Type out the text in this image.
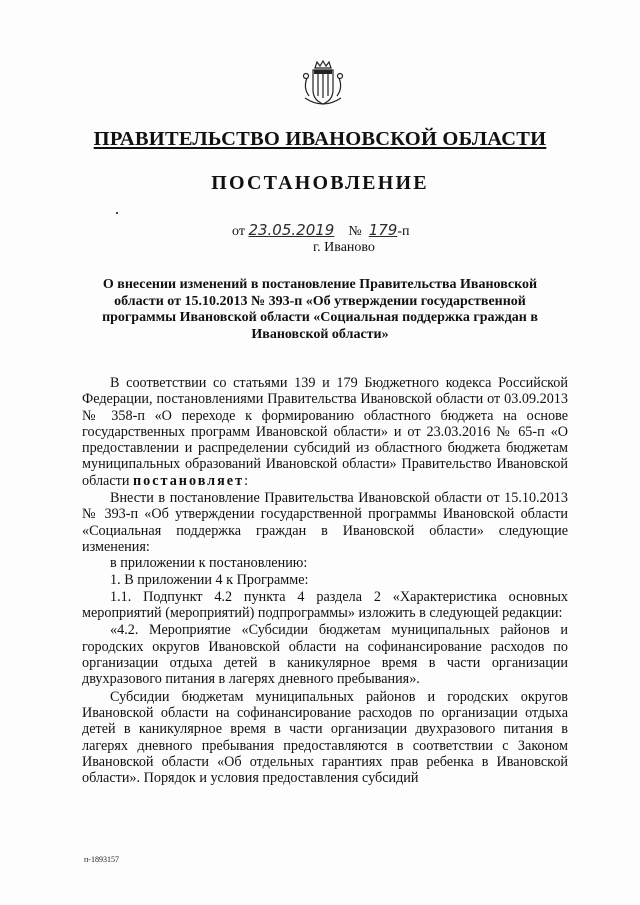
ПРАВИТЕЛЬСТВО ИВАНОВСКОЙ ОБЛАСТИ
ПОСТАНОВЛЕНИЕ
от 23.05.2019 № 179-п
г. Иваново
О внесении изменений в постановление Правительства Ивановской области от 15.10.2013 № 393-п «Об утверждении государственной программы Ивановской области «Социальная поддержка граждан в Ивановской области»

В соответствии со статьями 139 и 179 Бюджетного кодекса Российской Федерации, постановлениями Правительства Ивановской области от 03.09.2013 № 358-п «О переходе к формированию областного бюджета на основе государственных программ Ивановской области» и от 23.03.2016 № 65-п «О предоставлении и распределении субсидий из областного бюджета бюджетам муниципальных образований Ивановской области» Правительство Ивановской области постановляет:

Внести в постановление Правительства Ивановской области от 15.10.2013 № 393-п «Об утверждении государственной программы Ивановской области «Социальная поддержка граждан в Ивановской области» следующие изменения:

в приложении к постановлению:

1. В приложении 4 к Программе:

1.1. Подпункт 4.2 пункта 4 раздела 2 «Характеристика основных мероприятий (мероприятий) подпрограммы» изложить в следующей редакции:

«4.2. Мероприятие «Субсидии бюджетам муниципальных районов и городских округов Ивановской области на софинансирование расходов по организации отдыха детей в каникулярное время в части организации двухразового питания в лагерях дневного пребывания».

Субсидии бюджетам муниципальных районов и городских округов Ивановской области на софинансирование расходов по организации отдыха детей в каникулярное время в части организации двухразового питания в лагерях дневного пребывания предоставляются в соответствии с Законом Ивановской области «Об отдельных гарантиях прав ребенка в Ивановской области». Порядок и условия предоставления субсидий

п-1893157
